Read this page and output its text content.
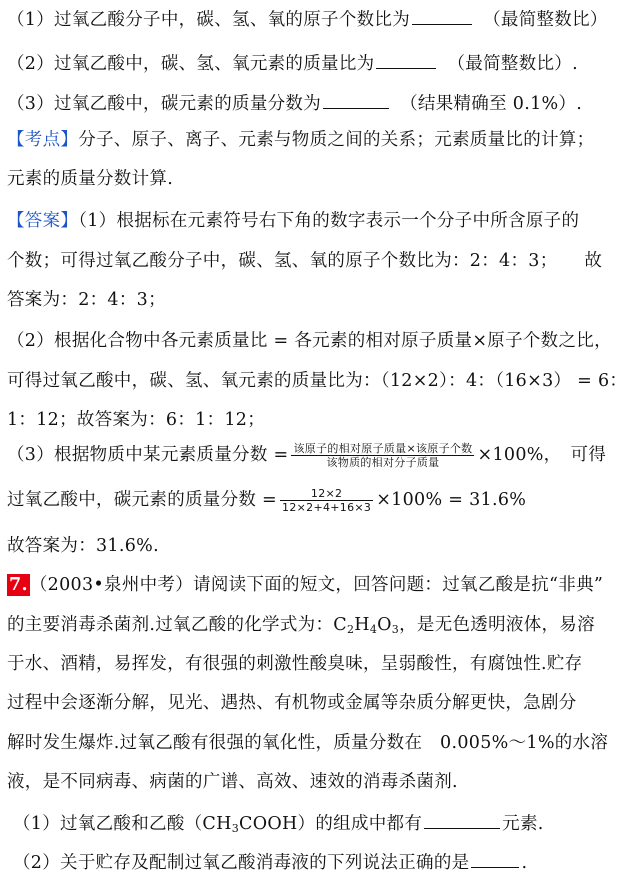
（1）过氧乙酸分子中，碳、氢、氧的原子个数比为　	（最简整数比）
（2）过氧乙酸中，碳、氢、氧元素的质量比为　	（最简整数比）.
（3）过氧乙酸中，碳元素的质量分数为　	（结果精确至 0.1%）.
【考点】分子、原子、离子、元素与物质之间的关系；元素质量比的计算；
元素的质量分数计算.
【答案】（1）根据标在元素符号右下角的数字表示一个分子中所含原子的
个数；可得过氧乙酸分子中，碳、氢、氧的原子个数比为：2：4：3；　　故
答案为：2：4：3；
（2）根据化合物中各元素质量比 = 各元素的相对原子质量×原子个数之比，
可得过氧乙酸中，碳、氢、氧元素的质量比为：（12×2）：4：（16×3） = 6：
1：12；故答案为：6：1：12；
（3）根据物质中某元素质量分数 = $\frac{\text{该原子的相对原子质量×该原子个数}}{\text{该物质的相对分子质量}} \times 100\%$，　可得
过氧乙酸中，碳元素的质量分数 = $\frac{12\times 2}{12\times 2+4+16\times 3} \times 100\% = 31.6\%$
故答案为：31.6%.
7. （2003•泉州中考）请阅读下面的短文，回答问题：过氧乙酸是抗“非典”
的主要消毒杀菌剂.过氧乙酸的化学式为：$C_2H_4O_3$，是无色透明液体，易溶
于水、酒精，易挥发，有很强的刺激性酸臭味，呈弱酸性，有腐蚀性.贮存
过程中会逐渐分解，见光、遇热、有机物或金属等杂质分解更快，急剧分
解时发生爆炸.过氧乙酸有很强的氧化性，质量分数在　0.005%～1%的水溶
液，是不同病毒、病菌的广谱、高效、速效的消毒杀菌剂.
（1）过氧乙酸和乙酸$(CH_3COOH)$的组成中都有	元素.
（2）关于贮存及配制过氧乙酸消毒液的下列说法正确的是	.
